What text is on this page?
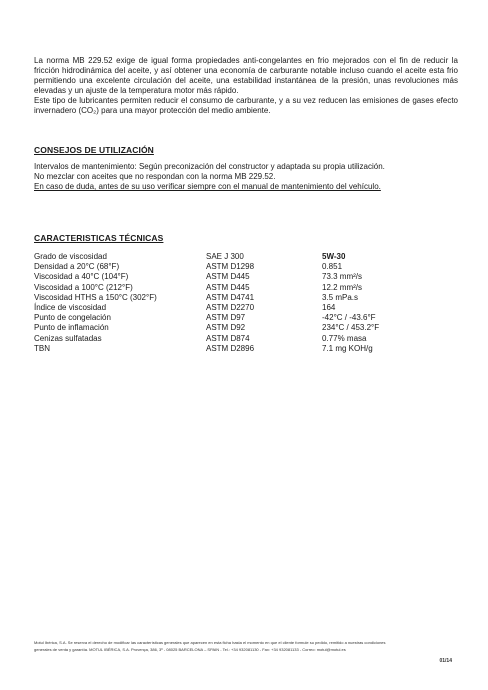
La norma MB 229.52 exige de igual forma propiedades anti-congelantes en frio mejorados con el fin de reducir la fricción hidrodinámica del aceite, y así obtener una economía de carburante notable incluso cuando el aceite esta frio permitiendo una excelente circulación del aceite, una estabilidad instantánea de la presión, unas revoluciones más elevadas y un ajuste de la temperatura motor más rápido.

Este tipo de lubricantes permiten reducir el consumo de carburante, y a su vez reducen las emisiones de gases efecto invernadero (CO₂) para una mayor protección del medio ambiente.

CONSEJOS DE UTILIZACIÓN
Intervalos de mantenimiento: Según preconización del constructor y adaptada su propia utilización.
No mezclar con aceites que no respondan con la norma MB 229.52.
En caso de duda, antes de su uso verificar siempre con el manual de mantenimiento del vehículo.
CARACTERISTICAS TÉCNICAS
Grado de viscosidad	SAE J 300	5W-30
Densidad a 20°C (68°F)	ASTM D1298	0.851
Viscosidad a 40°C (104°F)	ASTM D445	73.3 mm²/s
Viscosidad a 100°C (212°F)	ASTM D445	12.2 mm²/s
Viscosidad HTHS a 150°C (302°F)	ASTM D4741	3.5 mPa.s
Índice de viscosidad	ASTM D2270	164
Punto de congelación	ASTM D97	-42°C / -43.6°F
Punto de inflamación	ASTM D92	234°C / 453.2°F
Cenizas sulfatadas	ASTM D874	0.77% masa
TBN	ASTM D2896	7.1 mg KOH/g
Motul Ibérica, S.A. Se reserva el derecho de modificar las características generales que aparecen en esta ficha hasta el momento en que el cliente formule su pedido, remitido a nuestras condiciones
generales de venta y garantía. MOTUL IBÉRICA, S.A. Provença, 386, 3º - 08025 BARCELONA – SPAIN - Tel.: +34 932081130 - Fax: +34 932081133 - Correo: motul@motul.es
01/14
